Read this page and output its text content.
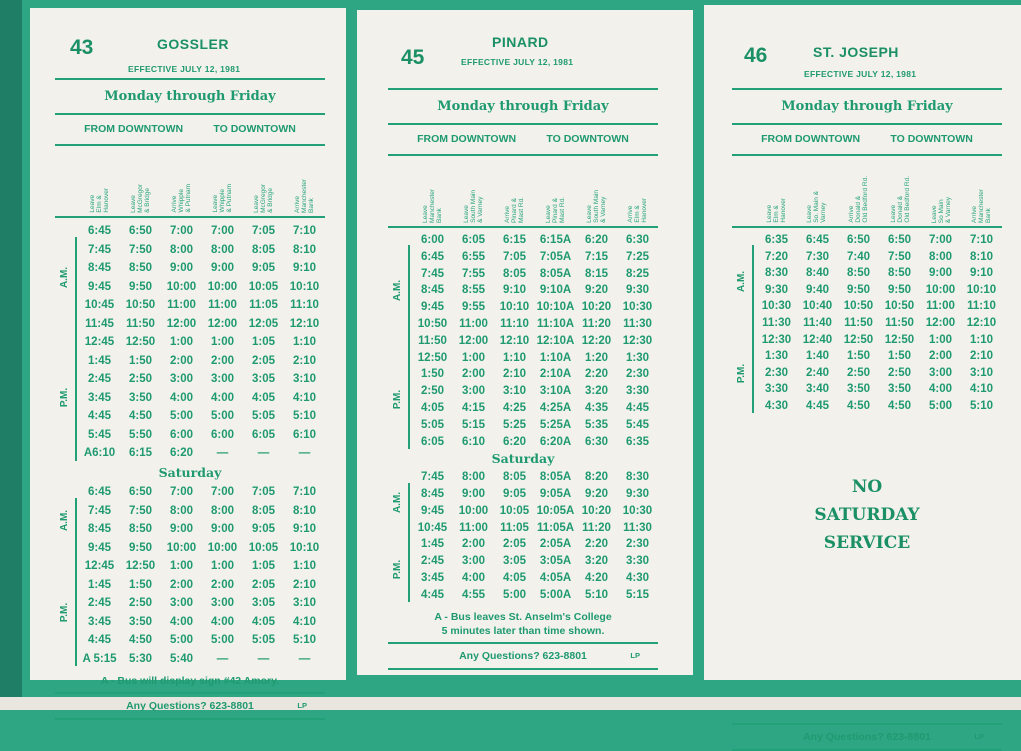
43	GOSSLER
EFFECTIVE JULY 12, 1981
Monday through Friday
FROM DOWNTOWN	TO DOWNTOWN
Leave
Elm &
Hanover	Leave
McGregor
& Bridge	Arrive
Whipple
& Putnam	Leave
Whipple
& Putnam	Leave
McGregor
& Bridge	Arrive
Manchester
Bank
A.M.
P.M.
6:45	6:50	7:00	7:00	7:05	7:10
7:45	7:50	8:00	8:00	8:05	8:10
8:45	8:50	9:00	9:00	9:05	9:10
9:45	9:50	10:00	10:00	10:05	10:10
10:45	10:50	11:00	11:00	11:05	11:10
11:45	11:50	12:00	12:00	12:05	12:10
12:45	12:50	1:00	1:00	1:05	1:10
1:45	1:50	2:00	2:00	2:05	2:10
2:45	2:50	3:00	3:00	3:05	3:10
3:45	3:50	4:00	4:00	4:05	4:10
4:45	4:50	5:00	5:00	5:05	5:10
5:45	5:50	6:00	6:00	6:05	6:10
A6:10	6:15	6:20	—	—	—
Saturday
A.M.
P.M.
6:45	6:50	7:00	7:00	7:05	7:10
7:45	7:50	8:00	8:00	8:05	8:10
8:45	8:50	9:00	9:00	9:05	9:10
9:45	9:50	10:00	10:00	10:05	10:10
12:45	12:50	1:00	1:00	1:05	1:10
1:45	1:50	2:00	2:00	2:05	2:10
2:45	2:50	3:00	3:00	3:05	3:10
3:45	3:50	4:00	4:00	4:05	4:10
4:45	4:50	5:00	5:00	5:05	5:10
A 5:15	5:30	5:40	—	—	—
A - Bus will display sign #42 Amory.
Any Questions? 623-8801	LP
45
PINARD
EFFECTIVE JULY 12, 1981
Monday through Friday
FROM DOWNTOWN	TO DOWNTOWN
Leave
Manchester
Bank	Leave
South Main
& Varney	Arrive
Pinard &
Mast Rd.
Leave
Pinard &
Mast Rd.
Leave
South Main
& Varney	Arrive
Elm &
Hanover
A.M.
P.M.
6:00	6:05	6:15	6:15A	6:20	6:30
6:45	6:55	7:05	7:05A	7:15	7:25
7:45	7:55	8:05	8:05A	8:15	8:25
8:45	8:55	9:10	9:10A	9:20	9:30
9:45	9:55	10:10 10:10A 10:20	10:30
10:50	11:00	11:10 11:10A 11:20	11:30
11:50	12:00	12:10 12:10A 12:20	12:30
12:50	1:00	1:10	1:10A	1:20	1:30
1:50	2:00	2:10	2:10A	2:20	2:30
2:50	3:00	3:10	3:10A	3:20	3:30
4:05	4:15	4:25	4:25A	4:35	4:45
5:05	5:15	5:25	5:25A	5:35	5:45
6:05	6:10	6:20	6:20A	6:30	6:35
Saturday
A.M.
P.M.
7:45	8:00	8:05	8:05A	8:20	8:30
8:45	9:00	9:05	9:05A	9:20	9:30
9:45	10:00	10:05 10:05A 10:20	10:30
10:45	11:00	11:05 11:05A 11:20	11:30
1:45	2:00	2:05	2:05A	2:20	2:30
2:45	3:00	3:05	3:05A	3:20	3:30
3:45	4:00	4:05	4:05A	4:20	4:30
4:45	4:55	5:00	5:00A	5:10	5:15
A - Bus leaves St. Anselm's College
5 minutes later than time shown.
Any Questions? 623-8801	LP
46	ST. JOSEPH
EFFECTIVE JULY 12, 1981
Monday through Friday
FROM DOWNTOWN	TO DOWNTOWN
Leave
Elm &
Hanover	Leave
So. Main &
Varney	Arrive
Donald &
Old Bedford Rd.
Leave
Donald &
Old Bedford Rd.
Leave
So Main
& Varney	Arrive
Manchester
Bank
A.M.
P.M.
6:35	6:45	6:50	6:50	7:00	7:10
7:20	7:30	7:40	7:50	8:00	8:10
8:30	8:40	8:50	8:50	9:00	9:10
9:30	9:40	9:50	9:50	10:00	10:10
10:30	10:40	10:50	10:50	11:00	11:10
11:30	11:40	11:50	11:50	12:00	12:10
12:30	12:40	12:50	12:50	1:00	1:10
1:30	1:40	1:50	1:50	2:00	2:10
2:30	2:40	2:50	2:50	3:00	3:10
3:30	3:40	3:50	3:50	4:00	4:10
4:30	4:45	4:50	4:50	5:00	5:10
NO
SATURDAY
SERVICE
Any Questions? 623-8801	LP
